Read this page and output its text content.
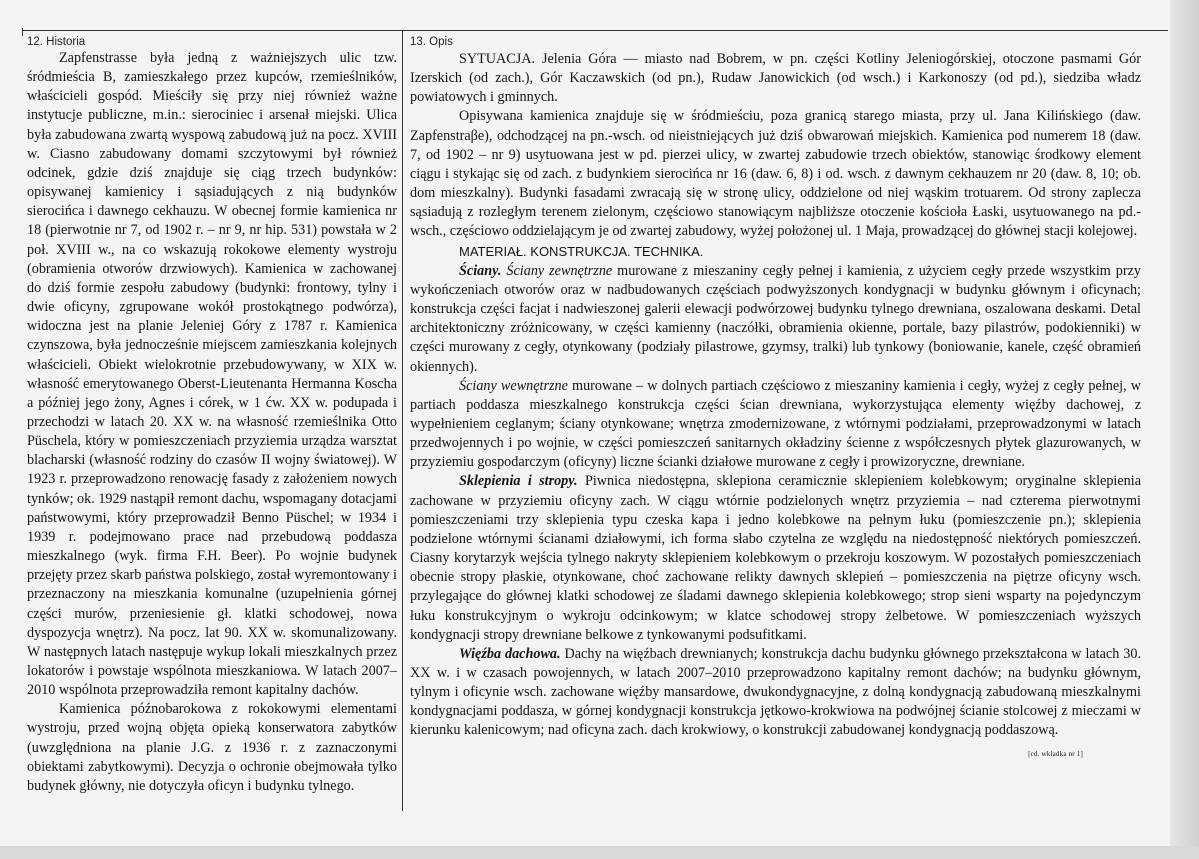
12. Historia	13. Opis

Zapfenstrasse była jedną z ważniejszych ulic tzw. śródmieścia B, zamieszkałego przez kupców, rzemieślników, właścicieli gospód. Mieściły się przy niej również ważne instytucje publiczne, m.in.: sierociniec i arsenał miejski. Ulica była zabudowana zwartą wyspową zabudową już na pocz. XVIII w. Ciasno zabudowany domami szczytowymi był również odcinek, gdzie dziś znajduje się ciąg trzech budynków: opisywanej kamienicy i sąsiadujących z nią budynków sierocińca i dawnego cekhauzu. W obecnej formie kamienica nr 18 (pierwotnie nr 7, od 1902 r. – nr 9, nr hip. 531) powstała w 2 poł. XVIII w., na co wskazują rokokowe elementy wystroju (obramienia otworów drzwiowych). Kamienica w zachowanej do dziś formie zespołu zabudowy (budynki: frontowy, tylny i dwie oficyny, zgrupowane wokół prostokątnego podwórza), widoczna jest na planie Jeleniej Góry z 1787 r. Kamienica czynszowa, była jednocześnie miejscem zamieszkania kolejnych właścicieli. Obiekt wielokrotnie przebudowywany, w XIX w. własność emerytowanego Oberst-Lieutenanta Hermanna Koscha a później jego żony, Agnes i córek, w 1 ćw. XX w. podupada i przechodzi w latach 20. XX w. na własność rzemieślnika Otto Püschela, który w pomieszczeniach przyziemia urządza warsztat blacharski (własność rodziny do czasów II wojny światowej). W 1923 r. przeprowadzono renowację fasady z założeniem nowych tynków; ok. 1929 nastąpił remont dachu, wspomagany dotacjami państwowymi, który przeprowadził Benno Püschel; w 1934 i 1939 r. podejmowano prace nad przebudową poddasza mieszkalnego (wyk. firma F.H. Beer). Po wojnie budynek przejęty przez skarb państwa polskiego, został wyremontowany i przeznaczony na mieszkania komunalne (uzupełnienia górnej części murów, przeniesienie gł. klatki schodowej, nowa dyspozycja wnętrz). Na pocz. lat 90. XX w. skomunalizowany. W następnych latach następuje wykup lokali mieszkalnych przez lokatorów i powstaje wspólnota mieszkaniowa. W latach 2007–2010 wspólnota przeprowadziła remont kapitalny dachów.

Kamienica późnobarokowa z rokokowymi elementami wystroju, przed wojną objęta opieką konserwatora zabytków (uwzględniona na planie J.G. z 1936 r. z zaznaczonymi obiektami zabytkowymi). Decyzja o ochronie obejmowała tylko budynek główny, nie dotyczyła oficyn i budynku tylnego.

SYTUACJA. Jelenia Góra — miasto nad Bobrem, w pn. części Kotliny Jeleniogórskiej, otoczone pasmami Gór Izerskich (od zach.), Gór Kaczawskich (od pn.), Rudaw Janowickich (od wsch.) i Karkonoszy (od pd.), siedziba władz powiatowych i gminnych.

Opisywana kamienica znajduje się w śródmieściu, poza granicą starego miasta, przy ul. Jana Kilińskiego (daw. Zapfenstraβe), odchodzącej na pn.-wsch. od nieistniejących już dziś obwarowań miejskich. Kamienica pod numerem 18 (daw. 7, od 1902 – nr 9) usytuowana jest w pd. pierzei ulicy, w zwartej zabudowie trzech obiektów, stanowiąc środkowy element ciągu i stykając się od zach. z budynkiem sierocińca nr 16 (daw. 6, 8) i od. wsch. z dawnym cekhauzem nr 20 (daw. 8, 10; ob. dom mieszkalny). Budynki fasadami zwracają się w stronę ulicy, oddzielone od niej wąskim trotuarem. Od strony zaplecza sąsiadują z rozległym terenem zielonym, częściowo stanowiącym najbliższe otoczenie kościoła Łaski, usytuowanego na pd.-wsch., częściowo oddzielającym je od zwartej zabudowy, wyżej położonej ul. 1 Maja, prowadzącej do głównej stacji kolejowej.

MATERIAŁ. KONSTRUKCJA. TECHNIKA.

Ściany. Ściany zewnętrzne murowane z mieszaniny cegły pełnej i kamienia, z użyciem cegły przede wszystkim przy wykończeniach otworów oraz w nadbudowanych częściach podwyższonych kondygnacji w budynku głównym i oficynach; konstrukcja części facjat i nadwieszonej galerii elewacji podwórzowej budynku tylnego drewniana, oszalowana deskami. Detal architektoniczny zróżnicowany, w części kamienny (naczółki, obramienia okienne, portale, bazy pilastrów, podokienniki) w części murowany z cegły, otynkowany (podziały pilastrowe, gzymsy, tralki) lub tynkowy (boniowanie, kanele, część obramień okiennych).

Ściany wewnętrzne murowane – w dolnych partiach częściowo z mieszaniny kamienia i cegły, wyżej z cegły pełnej, w partiach poddasza mieszkalnego konstrukcja części ścian drewniana, wykorzystująca elementy więźby dachowej, z wypełnieniem ceglanym; ściany otynkowane; wnętrza zmodernizowane, z wtórnymi podziałami, przeprowadzonymi w latach przedwojennych i po wojnie, w części pomieszczeń sanitarnych okładziny ścienne z współczesnych płytek glazurowanych, w przyziemiu gospodarczym (oficyny) liczne ścianki działowe murowane z cegły i prowizoryczne, drewniane.

Sklepienia i stropy. Piwnica niedostępna, sklepiona ceramicznie sklepieniem kolebkowym; oryginalne sklepienia zachowane w przyziemiu oficyny zach. W ciągu wtórnie podzielonych wnętrz przyziemia – nad czterema pierwotnymi pomieszczeniami trzy sklepienia typu czeska kapa i jedno kolebkowe na pełnym łuku (pomieszczenie pn.); sklepienia podzielone wtórnymi ścianami działowymi, ich forma słabo czytelna ze względu na niedostępność niektórych pomieszczeń. Ciasny korytarzyk wejścia tylnego nakryty sklepieniem kolebkowym o przekroju koszowym. W pozostałych pomieszczeniach obecnie stropy płaskie, otynkowane, choć zachowane relikty dawnych sklepień – pomieszczenia na piętrze oficyny wsch. przylegające do głównej klatki schodowej ze śladami dawnego sklepienia kolebkowego; strop sieni wsparty na pojedynczym łuku konstrukcyjnym o wykroju odcinkowym; w klatce schodowej stropy żelbetowe. W pomieszczeniach wyższych kondygnacji stropy drewniane belkowe z tynkowanymi podsufitkami.

Więźba dachowa. Dachy na więźbach drewnianych; konstrukcja dachu budynku głównego przekształcona w latach 30. XX w. i w czasach powojennych, w latach 2007–2010 przeprowadzono kapitalny remont dachów; na budynku głównym, tylnym i oficynie wsch. zachowane więźby mansardowe, dwukondygnacyjne, z dolną kondygnacją zabudowaną mieszkalnymi kondygnacjami poddasza, w górnej kondygnacji konstrukcja jętkowo-krokwiowa na podwójnej ścianie stolcowej z mieczami w kierunku kalenicowym; nad oficyna zach. dach krokwiowy, o konstrukcji zabudowanej kondygnacją poddaszową.
[cd. wkładka nr 1]
